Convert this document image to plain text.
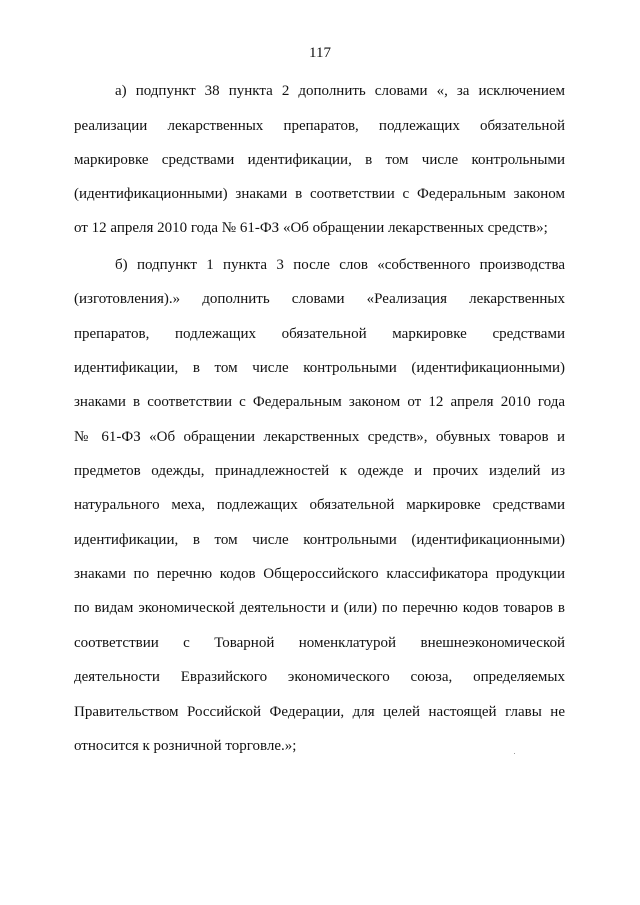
117
а) подпункт 38 пункта 2 дополнить словами «, за исключением
реализации лекарственных препаратов, подлежащих обязательной
маркировке средствами идентификации, в том числе контрольными
(идентификационными) знаками в соответствии с Федеральным законом
от 12 апреля 2010 года № 61-ФЗ «Об обращении лекарственных средств»;
б) подпункт 1 пункта 3 после слов «собственного производства
(изготовления).» дополнить словами «Реализация лекарственных
препаратов, подлежащих обязательной маркировке средствами
идентификации, в том числе контрольными (идентификационными)
знаками в соответствии с Федеральным законом от 12 апреля 2010 года
№ 61-ФЗ «Об обращении лекарственных средств», обувных товаров и
предметов одежды, принадлежностей к одежде и прочих изделий из
натурального меха, подлежащих обязательной маркировке средствами
идентификации, в том числе контрольными (идентификационными)
знаками по перечню кодов Общероссийского классификатора продукции
по видам экономической деятельности и (или) по перечню кодов товаров в
соответствии с Товарной номенклатурой внешнеэкономической
деятельности Евразийского экономического союза, определяемых
Правительством Российской Федерации, для целей настоящей главы не
относится к розничной торговле.»;
